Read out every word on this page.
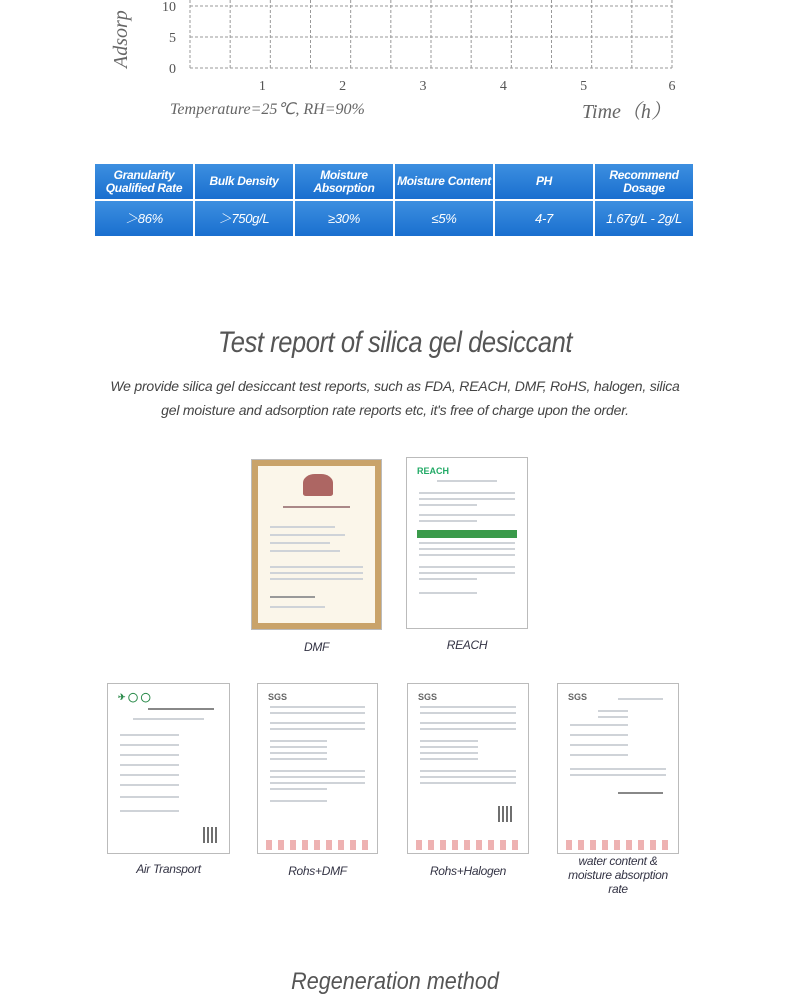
0
5
10
1	2	3	4	5	6
Adsorp
Temperature=25℃, RH=90%	Time（h）
Granularity Qualified Rate	Bulk Density	Moisture Absorption	Moisture Content	PH	Recommend Dosage
＞86%	＞750g/L	≥30%	≤5%	4-7	1.67g/L - 2g/L
Test report of silica gel desiccant
We provide silica gel desiccant test reports, such as FDA, REACH, DMF, RoHS, halogen, silica gel moisture and adsorption rate reports etc, it's free of charge upon the order.
DMF
REACH
REACH
✈ ◯ ◯
Air Transport
SGS
Rohs+DMF
SGS
Rohs+Halogen
SGS
water content &
moisture absorption rate
Regeneration method
